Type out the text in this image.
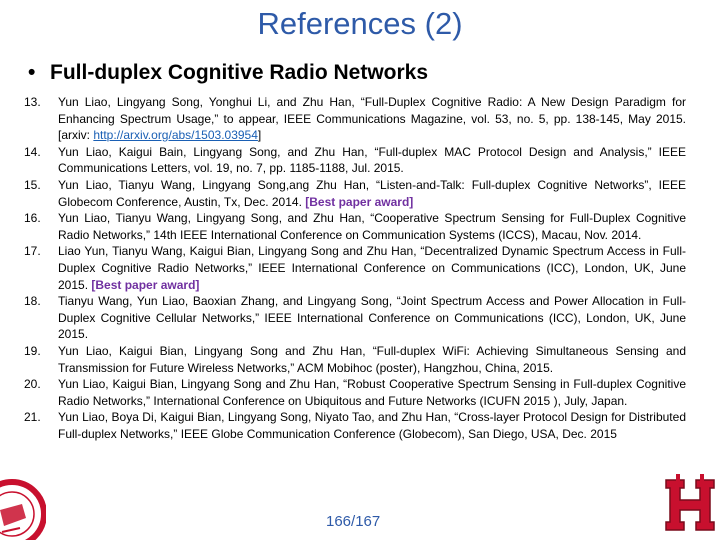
References (2)
• Full-duplex Cognitive Radio Networks
13.	Yun Liao, Lingyang Song, Yonghui Li, and Zhu Han, “Full-Duplex Cognitive Radio: A New Design Paradigm for Enhancing Spectrum Usage,” to appear, IEEE Communications Magazine, vol. 53, no. 5, pp. 138-145, May 2015. [arxiv: http://arxiv.org/abs/1503.03954]
14.	Yun Liao, Kaigui Bain, Lingyang Song, and Zhu Han, “Full-duplex MAC Protocol Design and Analysis,” IEEE Communications Letters, vol. 19, no. 7, pp. 1185-1188, Jul. 2015.
15.	Yun Liao, Tianyu Wang, Lingyang Song,ang Zhu Han, “Listen-and-Talk: Full-duplex Cognitive Networks”, IEEE Globecom Conference, Austin, Tx, Dec. 2014. [Best paper award]
16.	Yun Liao, Tianyu Wang, Lingyang Song, and Zhu Han, “Cooperative Spectrum Sensing for Full-Duplex Cognitive Radio Networks,” 14th IEEE International Conference on Communication Systems (ICCS), Macau, Nov. 2014.
17.	Liao Yun, Tianyu Wang, Kaigui Bian, Lingyang Song and Zhu Han, “Decentralized Dynamic Spectrum Access in Full-Duplex Cognitive Radio Networks,” IEEE International Conference on Communications (ICC), London, UK, June 2015. [Best paper award]
18.	Tianyu Wang, Yun Liao, Baoxian Zhang, and Lingyang Song, “Joint Spectrum Access and Power Allocation in Full-Duplex Cognitive Cellular Networks,” IEEE International Conference on Communications (ICC), London, UK, June 2015.
19.	Yun Liao, Kaigui Bian, Lingyang Song and Zhu Han, “Full-duplex WiFi: Achieving Simultaneous Sensing and Transmission for Future Wireless Networks,” ACM Mobihoc (poster), Hangzhou, China, 2015.
20.	Yun Liao, Kaigui Bian, Lingyang Song and Zhu Han, “Robust Cooperative Spectrum Sensing in Full-duplex Cognitive Radio Networks,” International Conference on Ubiquitous and Future Networks (ICUFN 2015 ), July, Japan.
21.	Yun Liao, Boya Di, Kaigui Bian, Lingyang Song, Niyato Tao, and Zhu Han, “Cross-layer Protocol Design for Distributed Full-duplex Networks,” IEEE Globe Communication Conference (Globecom), San Diego, USA, Dec. 2015
166/167
